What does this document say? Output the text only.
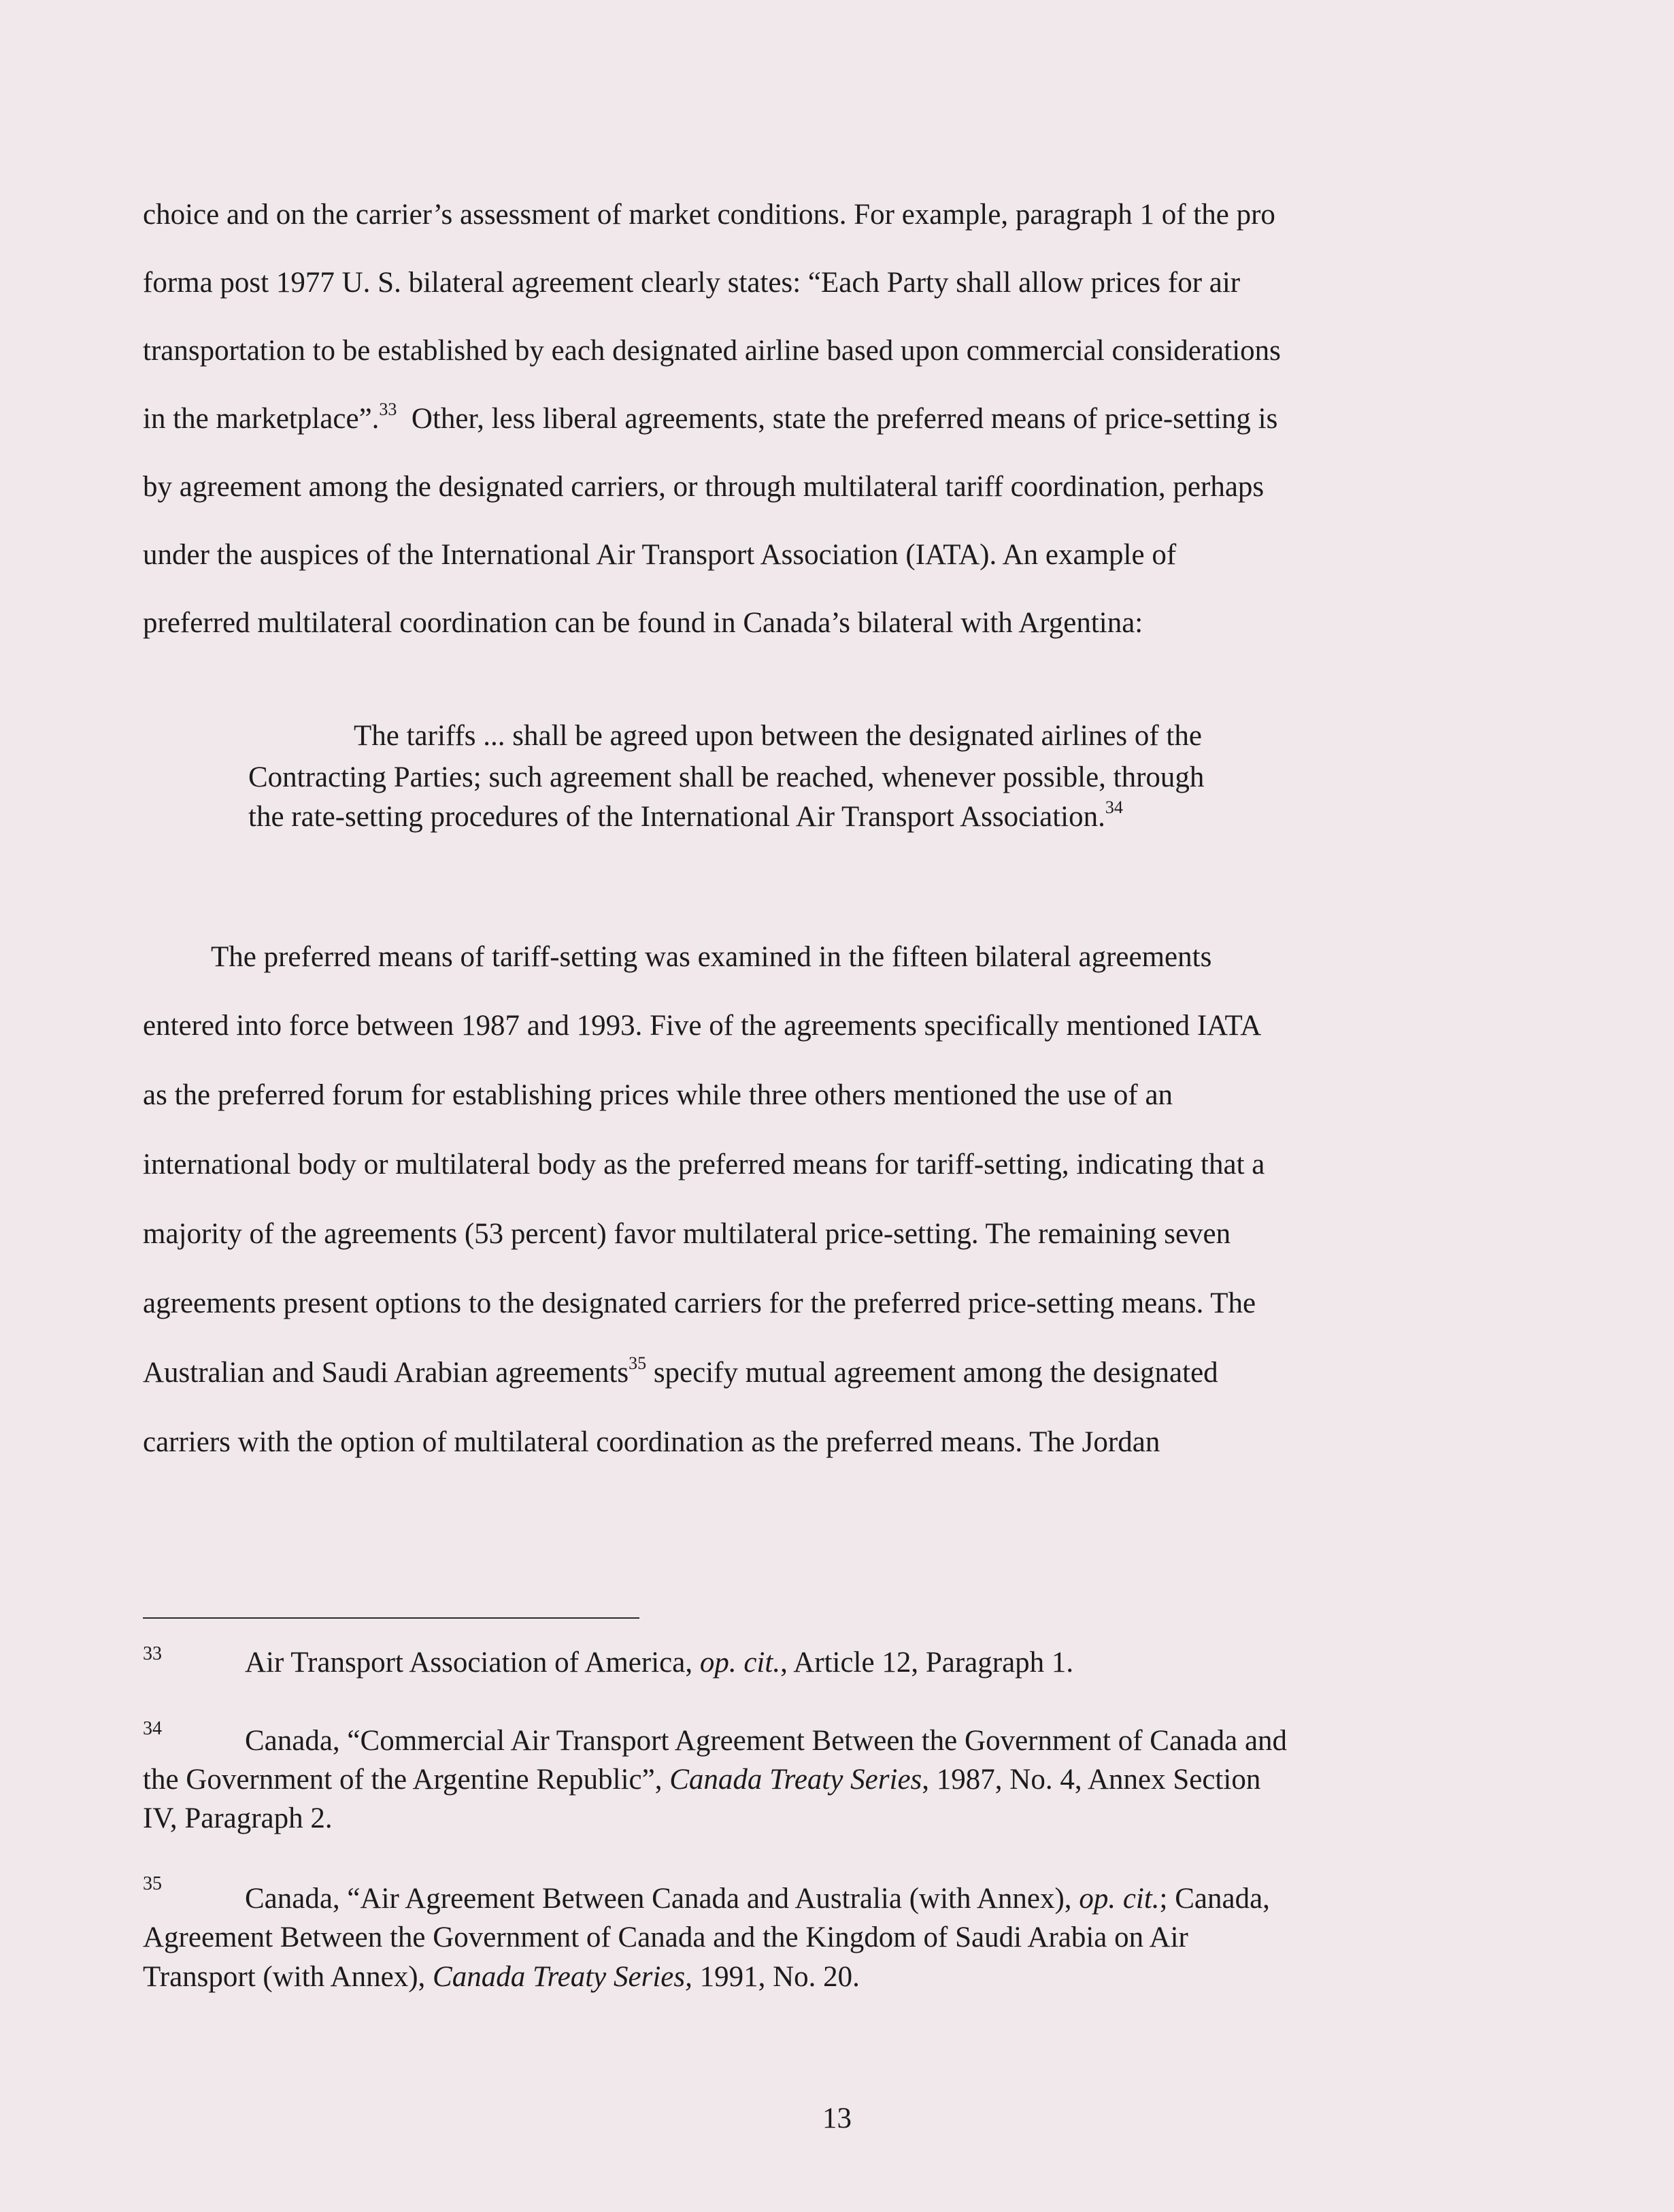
choice and on the carrier’s assessment of market conditions. For example, paragraph 1 of the pro
forma post 1977 U. S. bilateral agreement clearly states: “Each Party shall allow prices for air
transportation to be established by each designated airline based upon commercial considerations
in the marketplace”.$^{33}$ Other, less liberal agreements, state the preferred means of price-setting is
by agreement among the designated carriers, or through multilateral tariff coordination, perhaps
under the auspices of the International Air Transport Association (IATA). An example of
preferred multilateral coordination can be found in Canada’s bilateral with Argentina:
The tariffs ... shall be agreed upon between the designated airlines of the
Contracting Parties; such agreement shall be reached, whenever possible, through
the rate-setting procedures of the International Air Transport Association.$^{34}$
The preferred means of tariff-setting was examined in the fifteen bilateral agreements
entered into force between 1987 and 1993. Five of the agreements specifically mentioned IATA
as the preferred forum for establishing prices while three others mentioned the use of an
international body or multilateral body as the preferred means for tariff-setting, indicating that a
majority of the agreements (53 percent) favor multilateral price-setting. The remaining seven
agreements present options to the designated carriers for the preferred price-setting means. The
Australian and Saudi Arabian agreements$^{35}$ specify mutual agreement among the designated
carriers with the option of multilateral coordination as the preferred means. The Jordan
33	Air Transport Association of America, op. cit., Article 12, Paragraph 1.
34	Canada, “Commercial Air Transport Agreement Between the Government of Canada and
the Government of the Argentine Republic”, Canada Treaty Series, 1987, No. 4, Annex Section
IV, Paragraph 2.
35	Canada, “Air Agreement Between Canada and Australia (with Annex), op. cit.; Canada,
Agreement Between the Government of Canada and the Kingdom of Saudi Arabia on Air
Transport (with Annex), Canada Treaty Series, 1991, No. 20.
13
